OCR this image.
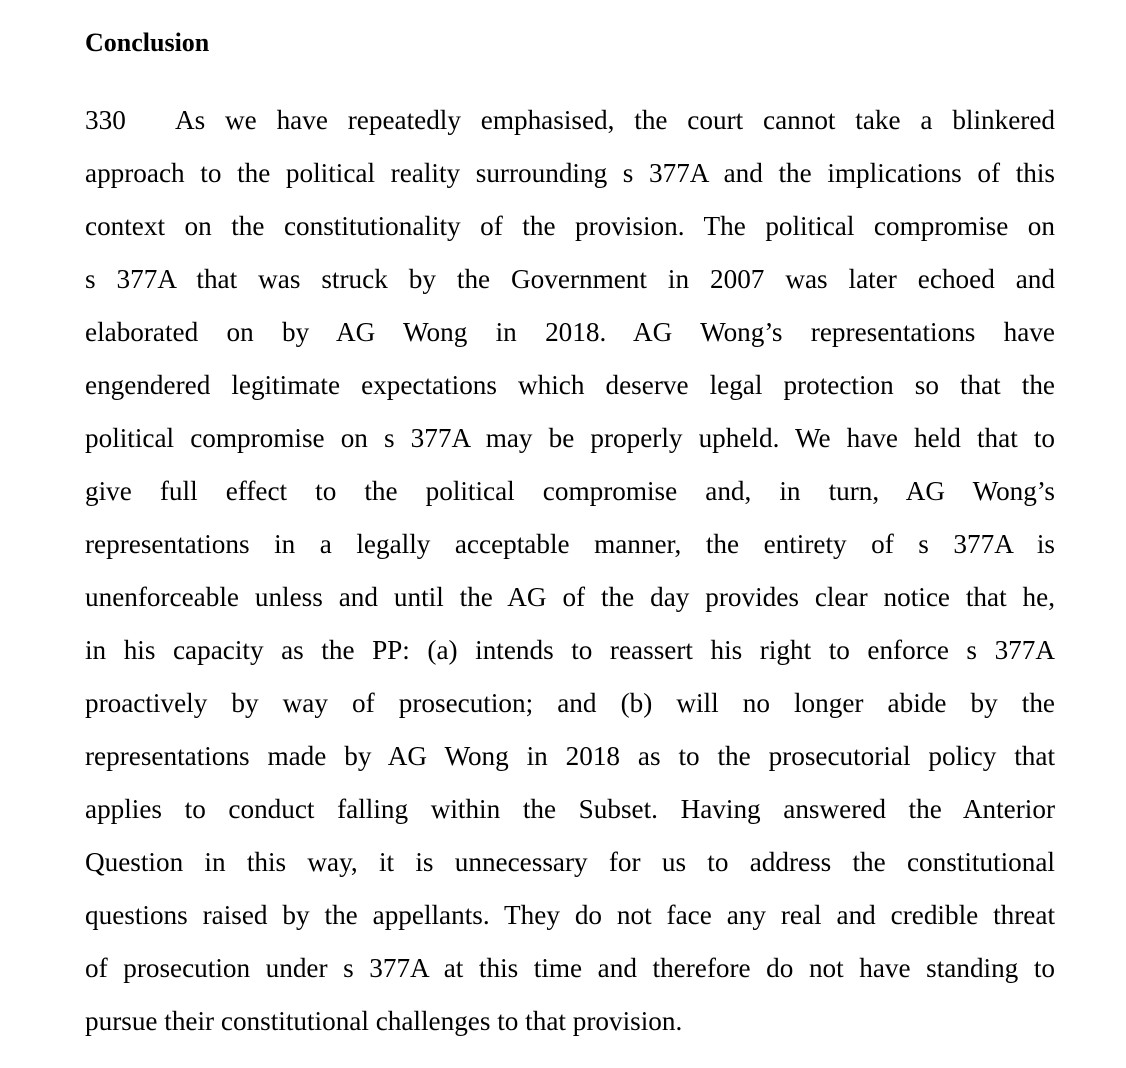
Conclusion
330 As we have repeatedly emphasised, the court cannot take a blinkered
approach to the political reality surrounding s 377A and the implications of this
context on the constitutionality of the provision. The political compromise on
s 377A that was struck by the Government in 2007 was later echoed and
elaborated on by AG Wong in 2018. AG Wong’s representations have
engendered legitimate expectations which deserve legal protection so that the
political compromise on s 377A may be properly upheld. We have held that to
give full effect to the political compromise and, in turn, AG Wong’s
representations in a legally acceptable manner, the entirety of s 377A is
unenforceable unless and until the AG of the day provides clear notice that he,
in his capacity as the PP: (a) intends to reassert his right to enforce s 377A
proactively by way of prosecution; and (b) will no longer abide by the
representations made by AG Wong in 2018 as to the prosecutorial policy that
applies to conduct falling within the Subset. Having answered the Anterior
Question in this way, it is unnecessary for us to address the constitutional
questions raised by the appellants. They do not face any real and credible threat
of prosecution under s 377A at this time and therefore do not have standing to
pursue their constitutional challenges to that provision.
